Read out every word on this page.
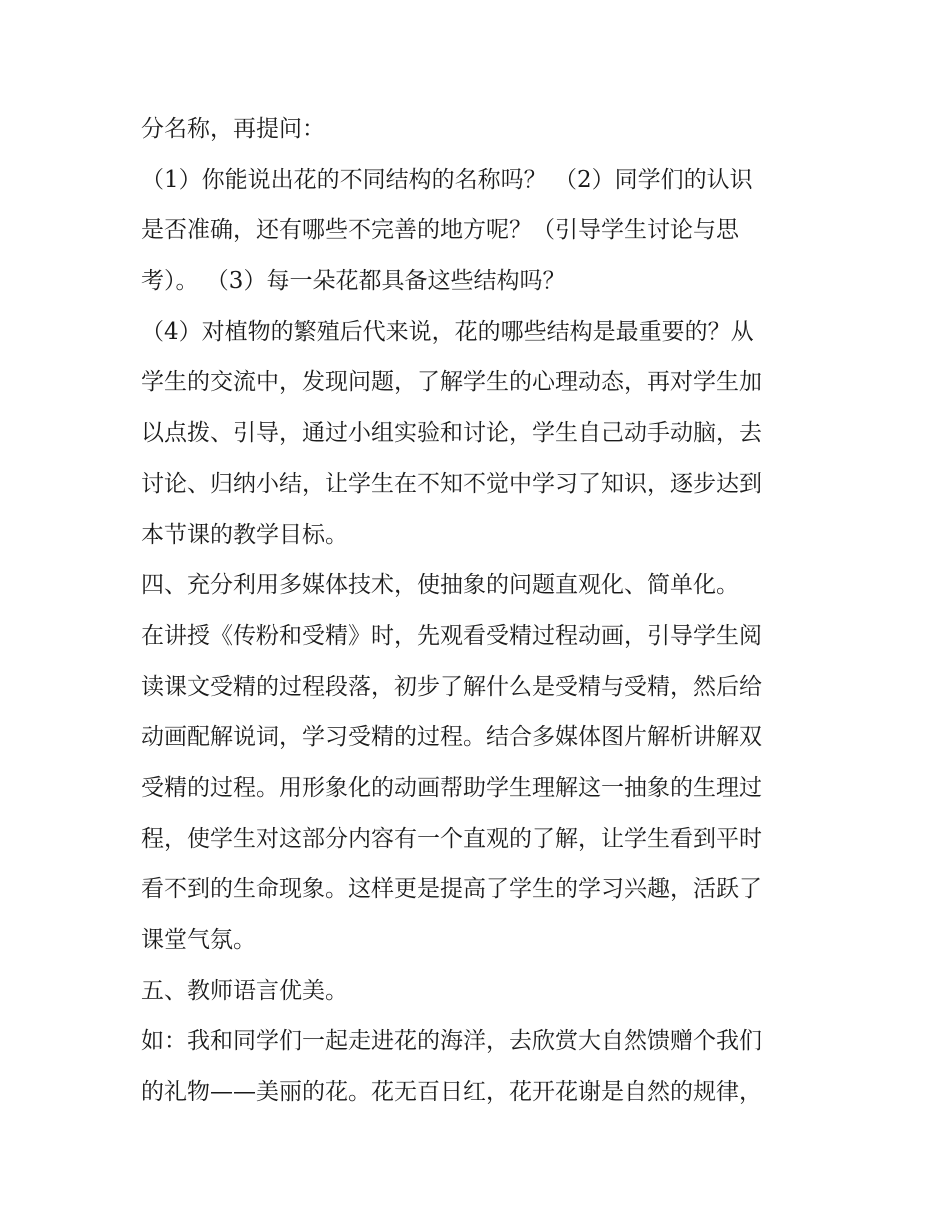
分名称，再提问：
（1）你能说出花的不同结构的名称吗？ （2）同学们的认识
是否准确，还有哪些不完善的地方呢？（引导学生讨论与思
考）。 （3）每一朵花都具备这些结构吗？
（4）对植物的繁殖后代来说，花的哪些结构是最重要的？从
学生的交流中，发现问题，了解学生的心理动态，再对学生加
以点拨、引导，通过小组实验和讨论，学生自己动手动脑，去
讨论、归纳小结，让学生在不知不觉中学习了知识，逐步达到
本节课的教学目标。
四、充分利用多媒体技术，使抽象的问题直观化、简单化。
在讲授《传粉和受精》时，先观看受精过程动画，引导学生阅
读课文受精的过程段落，初步了解什么是受精与受精，然后给
动画配解说词，学习受精的过程。结合多媒体图片解析讲解双
受精的过程。用形象化的动画帮助学生理解这一抽象的生理过
程，使学生对这部分内容有一个直观的了解，让学生看到平时
看不到的生命现象。这样更是提高了学生的学习兴趣，活跃了
课堂气氛。
五、教师语言优美。
如：我和同学们一起走进花的海洋，去欣赏大自然馈赠个我们
的礼物——美丽的花。花无百日红，花开花谢是自然的规律，
